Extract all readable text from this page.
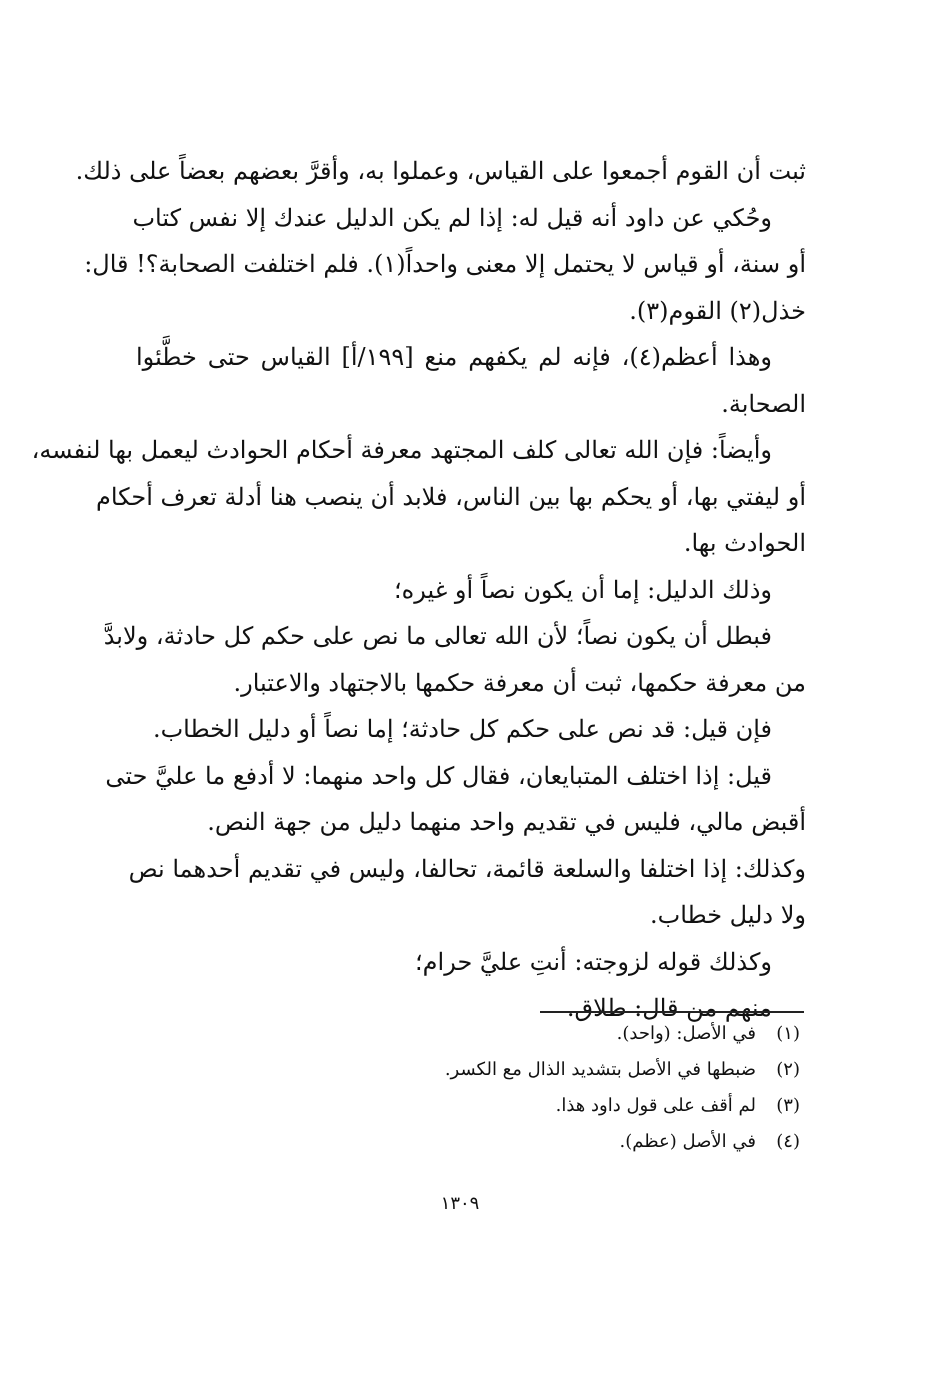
ثبت أن القوم أجمعوا على القياس، وعملوا به، وأقرَّ بعضهم بعضاً على ذلك.
وحُكي عن داود أنه قيل له: إذا لم يكن الدليل عندك إلا نفس كتاب
أو سنة، أو قياس لا يحتمل إلا معنى واحداً(١). فلم اختلفت الصحابة؟! قال:
خذل(٢) القوم(٣).
وهذا أعظم(٤)، فإنه لم يكفهم منع [١٩٩/أ] القياس حتى خطَّئوا
الصحابة.
وأيضاً: فإن الله تعالى كلف المجتهد معرفة أحكام الحوادث ليعمل بها لنفسه،
أو ليفتي بها، أو يحكم بها بين الناس، فلابد أن ينصب هنا أدلة تعرف أحكام
الحوادث بها.
وذلك الدليل: إما أن يكون نصاً أو غيره؛
فبطل أن يكون نصاً؛ لأن الله تعالى ما نص على حكم كل حادثة، ولابدَّ
من معرفة حكمها، ثبت أن معرفة حكمها بالاجتهاد والاعتبار.
فإن قيل: قد نص على حكم كل حادثة؛ إما نصاً أو دليل الخطاب.
قيل: إذا اختلف المتبايعان، فقال كل واحد منهما: لا أدفع ما عليَّ حتى
أقبض مالي، فليس في تقديم واحد منهما دليل من جهة النص.
وكذلك: إذا اختلفا والسلعة قائمة، تحالفا، وليس في تقديم أحدهما نص
ولا دليل خطاب.
وكذلك قوله لزوجته: أنتِ عليَّ حرام؛
منهم من قال: طلاق.
(١)
في الأصل: (واحد).
(٢)
ضبطها في الأصل بتشديد الذال مع الكسر.
(٣)
لم أقف على قول داود هذا.
(٤)
في الأصل (عظم).
١٣٠٩
